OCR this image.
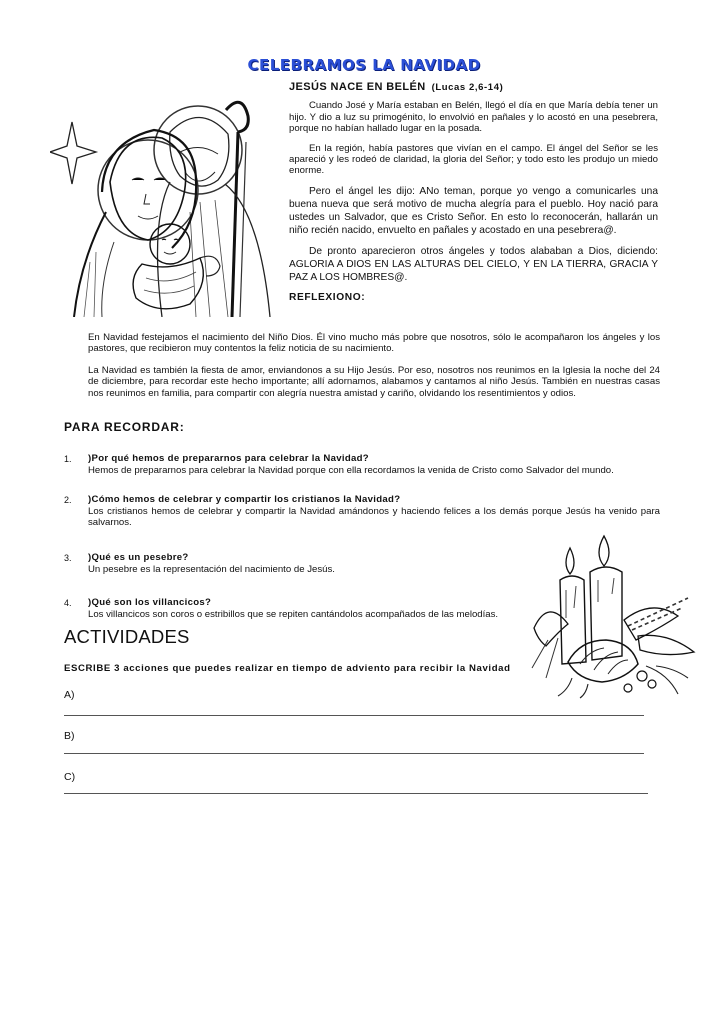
CELEBRAMOS LA NAVIDAD
JESÚS NACE EN BELÉN (Lucas 2,6-14)

Cuando José y María estaban en Belén, llegó el día en que María debía tener un hijo. Y dio a luz su primogénito, lo envolvió en pañales y lo acostó en una pesebrera, porque no habían hallado lugar en la posada.

En la región, había pastores que vivían en el campo. El ángel del Señor se les apareció y les rodeó de claridad, la gloria del Señor; y todo esto les produjo un miedo enorme.

Pero el ángel les dijo: ANo teman, porque yo vengo a comunicarles una buena nueva que será motivo de mucha alegría para el pueblo. Hoy nació para ustedes un Salvador, que es Cristo Señor. En esto lo reconocerán, hallarán un niño recién nacido, envuelto en pañales y acostado en una pesebrera@.

De pronto aparecieron otros ángeles y todos alababan a Dios, diciendo: AGLORIA A DIOS EN LAS ALTURAS DEL CIELO, Y EN LA TIERRA, GRACIA Y PAZ A LOS HOMBRES@.

REFLEXIONO:
En Navidad festejamos el nacimiento del Niño Dios. Él vino mucho más pobre que nosotros, sólo le acompañaron los ángeles y los pastores, que recibieron muy contentos la feliz noticia de su nacimiento.
La Navidad es también la fiesta de amor, enviandonos a su Hijo Jesús. Por eso, nosotros nos reunimos en la Iglesia la noche del 24 de diciembre, para recordar este hecho importante; allí adornamos, alabamos y cantamos al niño Jesús. También en nuestras casas nos reunimos en familia, para compartir con alegría nuestra amistad y cariño, olvidando los resentimientos y odios.
PARA RECORDAR:
1.	)Por qué hemos de prepararnos para celebrar la Navidad?
Hemos de prepararnos para celebrar la Navidad porque con ella recordamos la venida de Cristo como Salvador del mundo.
2.	)Cómo hemos de celebrar y compartir los cristianos la Navidad?
Los cristianos hemos de celebrar y compartir la Navidad amándonos y haciendo felices a los demás porque Jesús ha venido para salvarnos.
3.	)Qué es un pesebre?
Un pesebre es la representación del nacimiento de Jesús.
4.	)Qué son los villancicos?
Los villancicos son coros o estribillos que se repiten cantándolos acompañados de las melodías.
ACTIVIDADES
ESCRIBE 3 acciones que puedes realizar en tiempo de adviento para recibir la Navidad
A)
B)
C)
